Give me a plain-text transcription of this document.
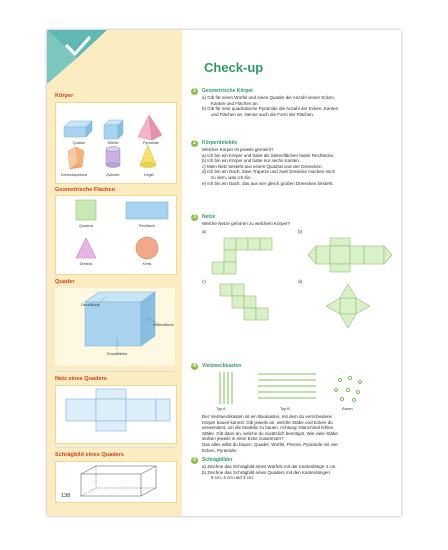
Körper
Quader	Würfel	Pyramide
Dreiecksprisma	Zylinder	Kegel
Geometrische Flächen
Quadrat	Rechteck
Dreieck	Kreis
Quader
Deckfläche
Seitenfläche
Grundfläche
Netz eines Quaders
Schrägbild eines Quaders
Check-up
1	Geometrische Körper
a) Gib für einen Würfel und einen Quader die Anzahl seiner Ecken,
Kanten und Flächen an.
b) Gib für eine quadratische Pyramide die Anzahl der Ecken, Kanten
und Flächen an. Nenne auch die Form der Flächen.
2	Körperdetektiv
Welcher Körper ist jeweils gemeint?
a) Ich bin ein Körper und habe als Seitenflächen lauter Rechtecke.
b) Ich bin ein Körper und habe nur sechs Kanten.
c) Mein Netz besteht aus einem Quadrat und vier Dreiecken.
d) Ich bin ein Dach. Zwei Trapeze und zwei Dreiecke machen mich
zu dem, was ich bin.
e) Ich bin ein Dach, das aus vier gleich großen Dreiecken besteht.
3	Netze
Welche Netze gehören zu welchem Körper?
a)	b)
c)	d)
4	Vielzweckkasten
Typ A	Typ B	Ecken
Der Vielzweckkasten ist ein Baukasten, mit dem du verschiedene
Körper bauen kannst. Gib jeweils an, welche Stäbe und Ecken du
verwendest, um die Modelle zu bauen. Achtung: Manchmal fehlen
Stäbe. Gib dann an, welche du zusätzlich benötigst. Wie viele Stäbe
stoßen jeweils in einer Ecke zusammen?
Das alles willst du bauen: Quader, Würfel, Prisma, Pyramide mit vier
Ecken, Pyramide.
5	Schrägbilder
a) Zeichne das Schrägbild eines Würfels mit der Kantenlänge 4 cm.
b) Zeichne das Schrägbild eines Quaders mit den Kantenlängen
6 cm, 4 cm und 3 cm.
138
